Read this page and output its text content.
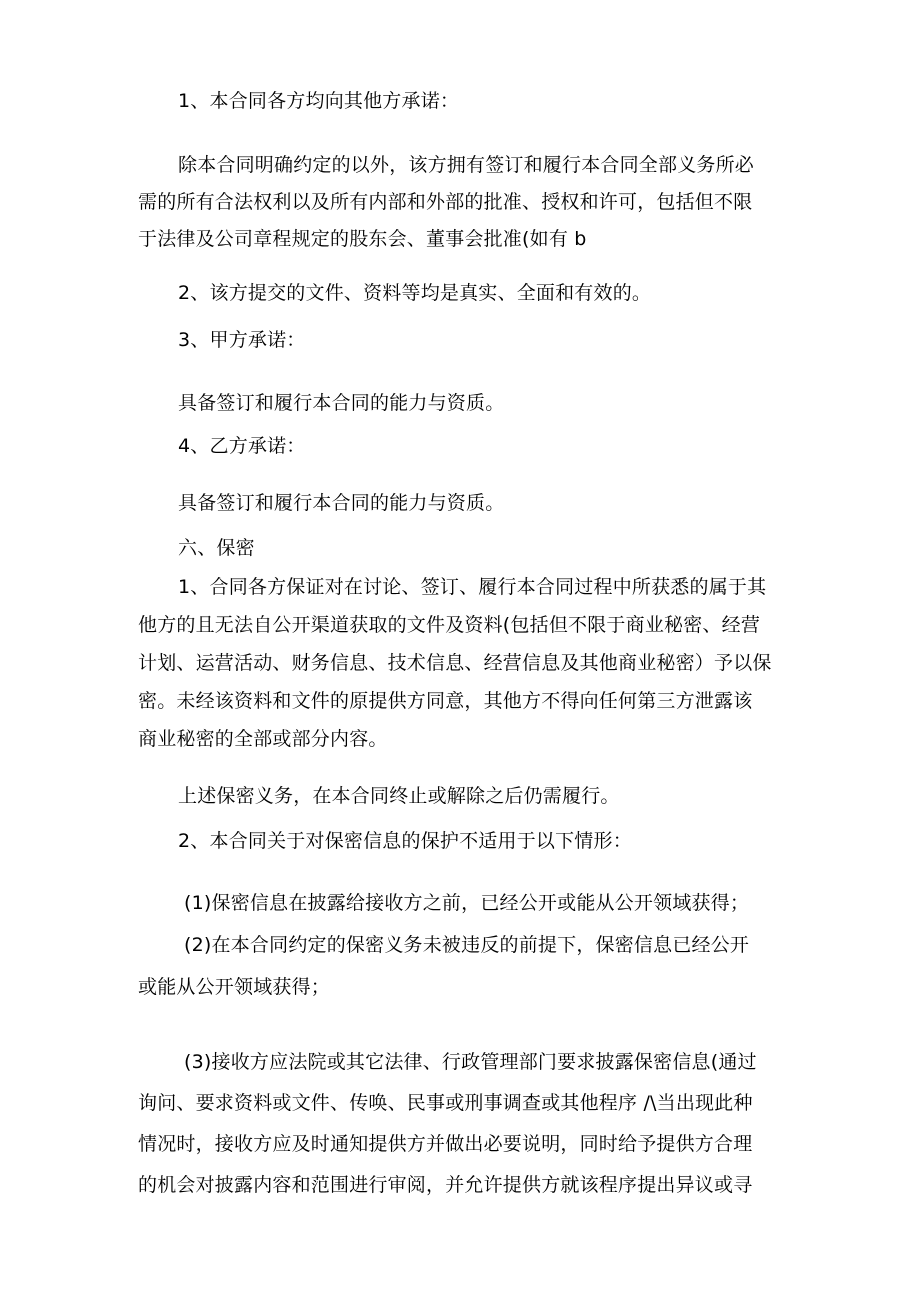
1、本合同各方均向其他方承诺：

除本合同明确约定的以外，该方拥有签订和履行本合同全部义务所必

需的所有合法权利以及所有内部和外部的批准、授权和许可，包括但不限

于法律及公司章程规定的股东会、董事会批准(如有 b

2、该方提交的文件、资料等均是真实、全面和有效的。

3、甲方承诺：

具备签订和履行本合同的能力与资质。

4、乙方承诺：

具备签订和履行本合同的能力与资质。

六、保密

1、合同各方保证对在讨论、签订、履行本合同过程中所获悉的属于其

他方的且无法自公开渠道获取的文件及资料(包括但不限于商业秘密、经营

计划、运营活动、财务信息、技术信息、经营信息及其他商业秘密）予以保

密。未经该资料和文件的原提供方同意，其他方不得向任何第三方泄露该

商业秘密的全部或部分内容。

上述保密义务，在本合同终止或解除之后仍需履行。

2、本合同关于对保密信息的保护不适用于以下情形：

(1)保密信息在披露给接收方之前，已经公开或能从公开领域获得；

(2)在本合同约定的保密义务未被违反的前提下，保密信息已经公开

或能从公开领域获得；

(3)接收方应法院或其它法律、行政管理部门要求披露保密信息(通过

询问、要求资料或文件、传唤、民事或刑事调查或其他程序 /\当出现此种

情况时，接收方应及时通知提供方并做出必要说明，同时给予提供方合理

的机会对披露内容和范围进行审阅，并允许提供方就该程序提出异议或寻
